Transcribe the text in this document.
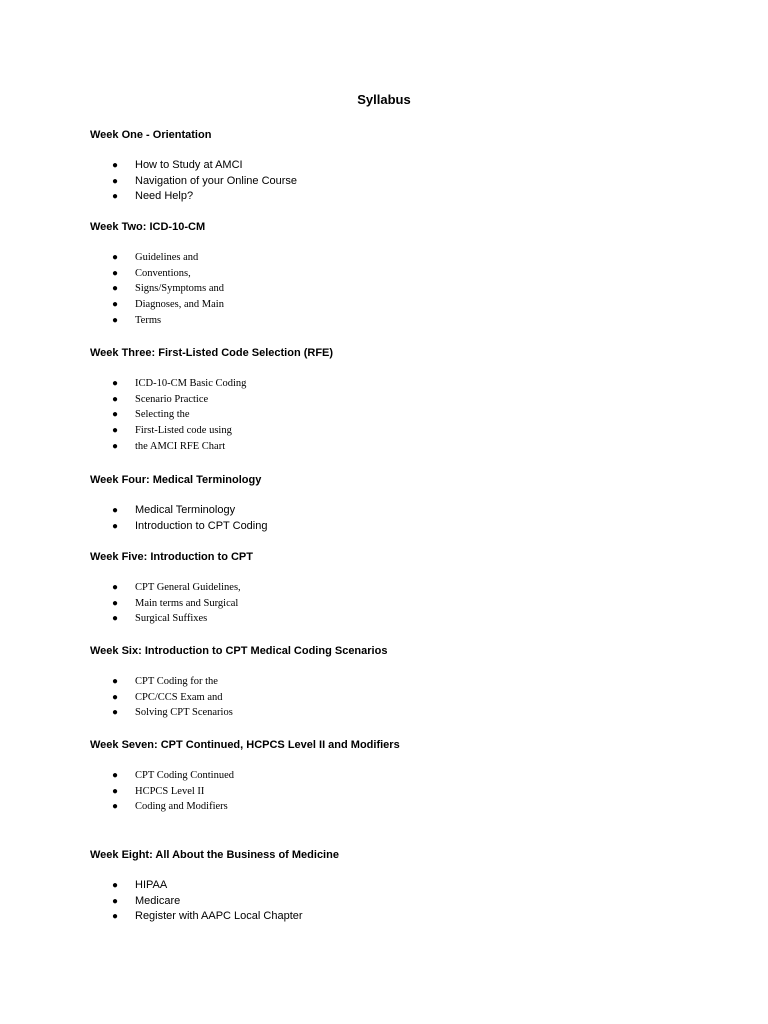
Syllabus
Week One - Orientation
● How to Study at AMCI
● Navigation of your Online Course
● Need Help?
Week Two: ICD-10-CM
● Guidelines and
● Conventions,
● Signs/Symptoms and
● Diagnoses, and Main
● Terms
Week Three: First-Listed Code Selection (RFE)
● ICD-10-CM Basic Coding
● Scenario Practice
● Selecting the
● First-Listed code using
● the AMCI RFE Chart
Week Four: Medical Terminology
● Medical Terminology
● Introduction to CPT Coding
Week Five: Introduction to CPT
● CPT General Guidelines,
● Main terms and Surgical
● Surgical Suffixes
Week Six: Introduction to CPT Medical Coding Scenarios
● CPT Coding for the
● CPC/CCS Exam and
● Solving CPT Scenarios
Week Seven: CPT Continued, HCPCS Level II and Modifiers
● CPT Coding Continued
● HCPCS Level II
● Coding and Modifiers
Week Eight: All About the Business of Medicine
● HIPAA
● Medicare
● Register with AAPC Local Chapter
